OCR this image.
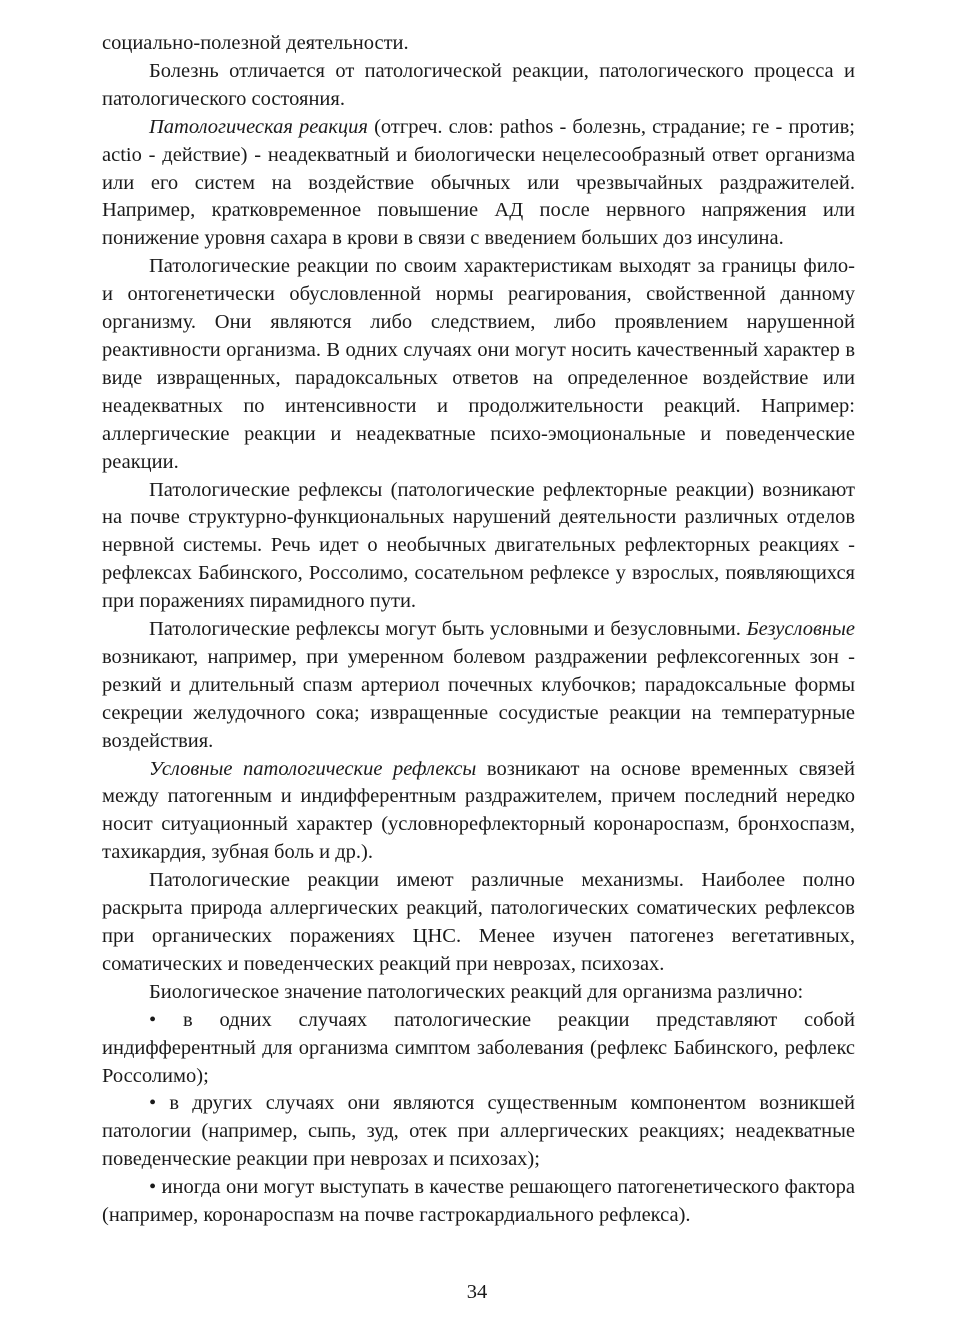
социально-полезной деятельности.

Болезнь отличается от патологической реакции, патологического процесса и патологического состояния.

Патологическая реакция (отгреч. слов: pathos - болезнь, страдание; ге - против; actio - действие) - неадекватный и биологически нецелесообразный ответ организма или его систем на воздействие обычных или чрезвычайных раздражителей. Например, кратковременное повышение АД после нервного напряжения или понижение уровня сахара в крови в связи с введением больших доз инсулина.

Патологические реакции по своим характеристикам выходят за границы фило- и онтогенетически обусловленной нормы реагирования, свойственной данному организму. Они являются либо следствием, либо проявлением нарушенной реактивности организма. В одних случаях они могут носить качественный характер в виде извращенных, парадоксальных ответов на определенное воздействие или неадекватных по интенсивности и продолжительности реакций. Например: аллергические реакции и неадекватные психо-эмоциональные и поведенческие реакции.

Патологические рефлексы (патологические рефлекторные реакции) возникают на почве структурно-функциональных нарушений деятельности различных отделов нервной системы. Речь идет о необычных двигательных рефлекторных реакциях - рефлексах Бабинского, Россолимо, сосательном рефлексе у взрослых, появляющихся при поражениях пирамидного пути.

Патологические рефлексы могут быть условными и безусловными. Безусловные возникают, например, при умеренном болевом раздражении рефлексогенных зон - резкий и длительный спазм артериол почечных клубочков; парадоксальные формы секреции желудочного сока; извращенные сосудистые реакции на температурные воздействия.

Условные патологические рефлексы возникают на основе временных связей между патогенным и индифферентным раздражителем, причем последний нередко носит ситуационный характер (условнорефлекторный коронароспазм, бронхоспазм, тахикардия, зубная боль и др.).

Патологические реакции имеют различные механизмы. Наиболее полно раскрыта природа аллергических реакций, патологических соматических рефлексов при органических поражениях ЦНС. Менее изучен патогенез вегетативных, соматических и поведенческих реакций при неврозах, психозах.

Биологическое значение патологических реакций для организма различно:

• в одних случаях патологические реакции представляют собой индифферентный для организма симптом заболевания (рефлекс Бабинского, рефлекс Россолимо);

• в других случаях они являются существенным компонентом возникшей патологии (например, сыпь, зуд, отек при аллергических реакциях; неадекватные поведенческие реакции при неврозах и психозах);

• иногда они могут выступать в качестве решающего патогенетического фактора (например, коронароспазм на почве гастрокардиального рефлекса).

34
